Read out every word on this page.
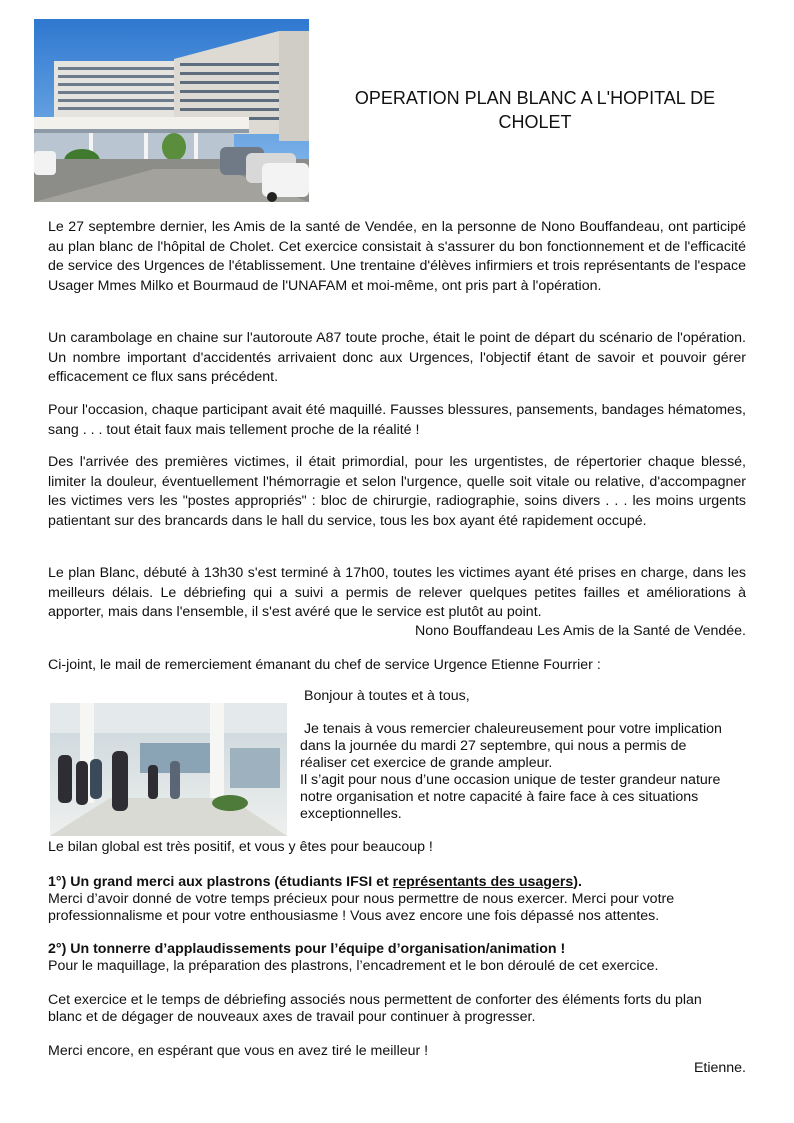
OPERATION PLAN BLANC A L'HOPITAL DE CHOLET

Le 27 septembre dernier, les Amis de la santé de Vendée, en la personne de Nono Bouffandeau, ont participé au plan blanc de l'hôpital de Cholet. Cet exercice consistait à s'assurer du bon fonctionnement et de l'efficacité de service des Urgences de l'établissement. Une trentaine d'élèves infirmiers et trois représentants de l'espace Usager Mmes Milko et Bourmaud de l'UNAFAM et moi-même, ont pris part à l'opération.

Un carambolage en chaine sur l'autoroute A87 toute proche, était le point de départ du scénario de l'opération. Un nombre important d'accidentés arrivaient donc aux Urgences, l'objectif étant de savoir et pouvoir gérer efficacement ce flux sans précédent.

Pour l'occasion, chaque participant avait été maquillé. Fausses blessures, pansements, bandages hématomes, sang . . . tout était faux mais tellement proche de la réalité !

Des l'arrivée des premières victimes, il était primordial, pour les urgentistes, de répertorier chaque blessé, limiter la douleur, éventuellement l'hémorragie et selon l'urgence, quelle soit vitale ou relative, d'accompagner les victimes vers les "postes appropriés" : bloc de chirurgie, radiographie, soins divers . . . les moins urgents patientant sur des brancards dans le hall du service, tous les box ayant été rapidement occupé.

Le plan Blanc, débuté à 13h30 s'est terminé à 17h00, toutes les victimes ayant été prises en charge, dans les meilleurs délais. Le débriefing qui a suivi a permis de relever quelques petites failles et améliorations à apporter, mais dans l'ensemble, il s'est avéré que le service est plutôt au point.

Nono Bouffandeau Les Amis de la Santé de Vendée.

Ci-joint, le mail de remerciement émanant du chef de service Urgence Etienne Fourrier :

Bonjour à toutes et à tous,

Je tenais à vous remercier chaleureusement pour votre implication
dans la journée du mardi 27 septembre, qui nous a permis de
réaliser cet exercice de grande ampleur.
Il s’agit pour nous d’une occasion unique de tester grandeur nature
notre organisation et notre capacité à faire face à ces situations
exceptionnelles.

Le bilan global est très positif, et vous y êtes pour beaucoup !

1°) Un grand merci aux plastrons (étudiants IFSI et représentants des usagers).

Merci d’avoir donné de votre temps précieux pour nous permettre de nous exercer. Merci pour votre

professionnalisme et pour votre enthousiasme ! Vous avez encore une fois dépassé nos attentes.

2°) Un tonnerre d’applaudissements pour l’équipe d’organisation/animation !

Pour le maquillage, la préparation des plastrons, l’encadrement et le bon déroulé de cet exercice.

Cet exercice et le temps de débriefing associés nous permettent de conforter des éléments forts du plan

blanc et de dégager de nouveaux axes de travail pour continuer à progresser.

Merci encore, en espérant que vous en avez tiré le meilleur !

Etienne.
